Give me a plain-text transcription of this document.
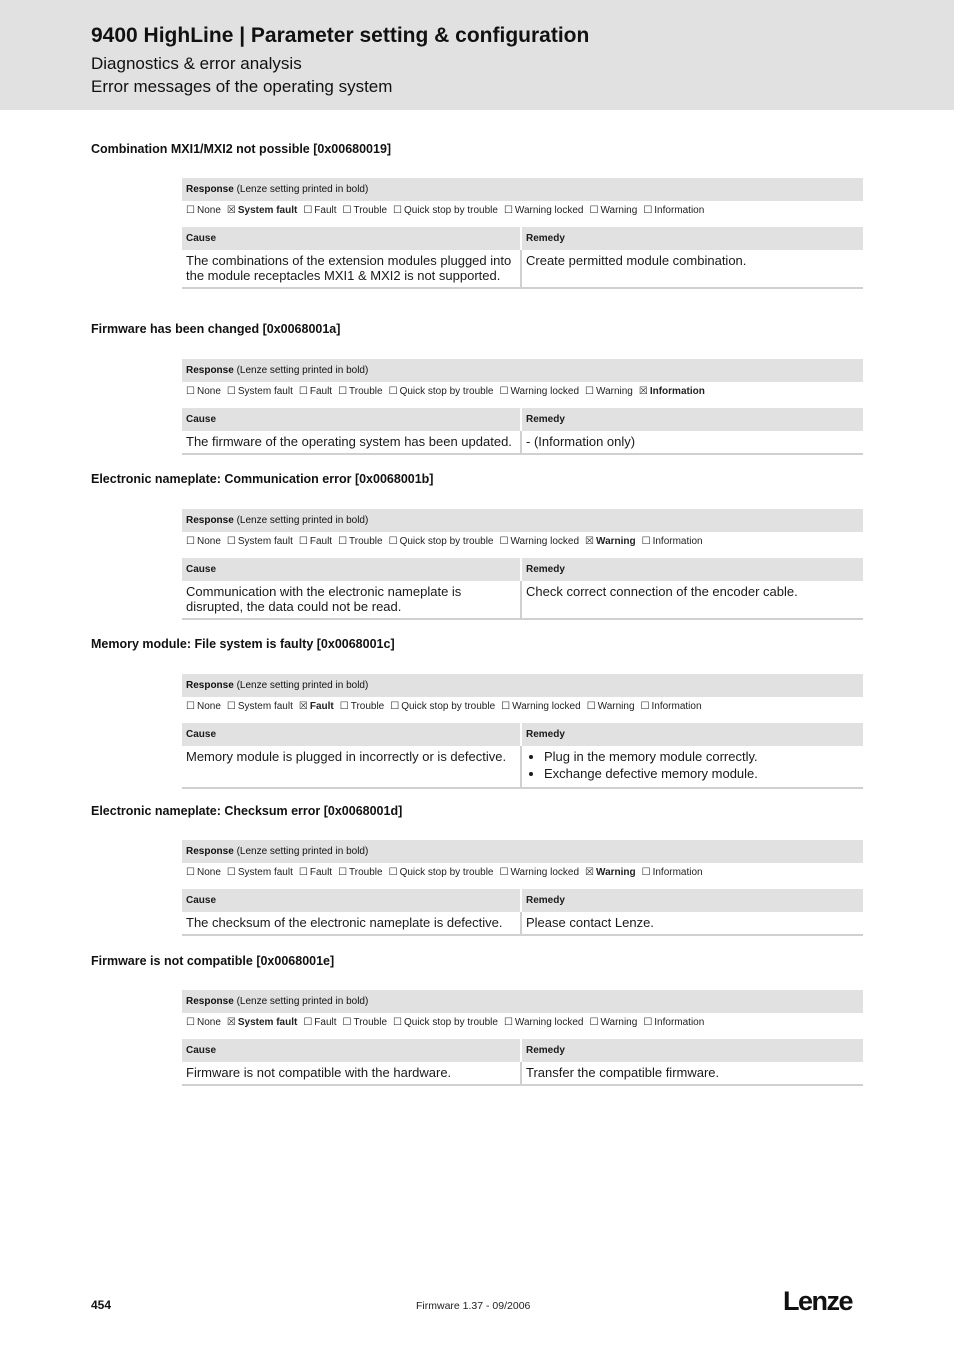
9400 HighLine | Parameter setting & configuration
Diagnostics & error analysis
Error messages of the operating system
Combination MXI1/MXI2 not possible [0x00680019]
Response (Lenze setting printed in bold)
☐ None ☒ System fault ☐ Fault ☐ Trouble ☐ Quick stop by trouble ☐ Warning locked ☐ Warning ☐ Information
Cause	Remedy
The combinations of the extension modules plugged into the module receptacles MXI1 & MXI2 is not supported.
Create permitted module combination.
Firmware has been changed [0x0068001a]
Response (Lenze setting printed in bold)
☐ None ☐ System fault ☐ Fault ☐ Trouble ☐ Quick stop by trouble ☐ Warning locked ☐ Warning ☒ Information
Cause	Remedy
The firmware of the operating system has been updated.	- (Information only)
Electronic nameplate: Communication error [0x0068001b]
Response (Lenze setting printed in bold)
☐ None ☐ System fault ☐ Fault ☐ Trouble ☐ Quick stop by trouble ☐ Warning locked ☒ Warning ☐ Information
Cause	Remedy
Communication with the electronic nameplate is disrupted, the data could not be read.
Check correct connection of the encoder cable.
Memory module: File system is faulty [0x0068001c]
Response (Lenze setting printed in bold)
☐ None ☐ System fault ☒ Fault ☐ Trouble ☐ Quick stop by trouble ☐ Warning locked ☐ Warning ☐ Information
Cause	Remedy
Memory module is plugged in incorrectly or is defective.
•	Plug in the memory module correctly.
• Exchange defective memory module.
Electronic nameplate: Checksum error [0x0068001d]
Response (Lenze setting printed in bold)
☐ None ☐ System fault ☐ Fault ☐ Trouble ☐ Quick stop by trouble ☐ Warning locked ☒ Warning ☐ Information
Cause	Remedy
The checksum of the electronic nameplate is defective.	Please contact Lenze.
Firmware is not compatible [0x0068001e]
Response (Lenze setting printed in bold)
☐ None ☒ System fault ☐ Fault ☐ Trouble ☐ Quick stop by trouble ☐ Warning locked ☐ Warning ☐ Information
Cause	Remedy
Firmware is not compatible with the hardware.	Transfer the compatible firmware.
454	Firmware 1.37 - 09/2006	Lenze
